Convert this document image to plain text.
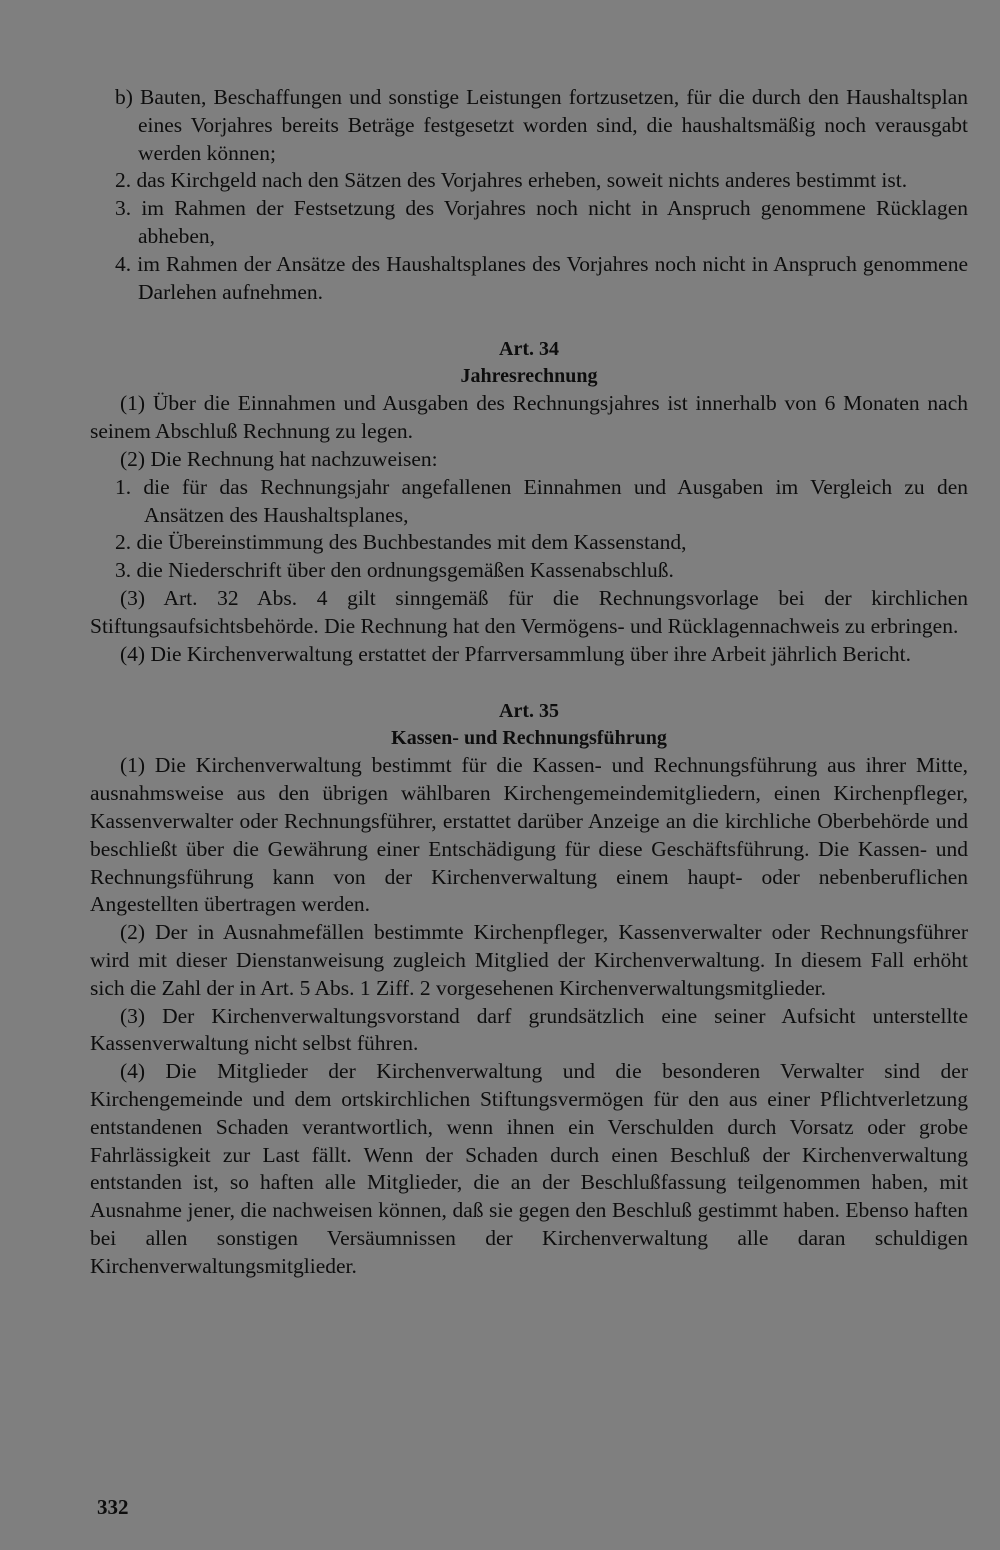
b) Bauten, Beschaffungen und sonstige Leistungen fortzusetzen, für die durch den Haushaltsplan eines Vorjahres bereits Beträge festgesetzt worden sind, die haushaltsmäßig noch verausgabt werden können;

2. das Kirchgeld nach den Sätzen des Vorjahres erheben, soweit nichts anderes bestimmt ist.

3. im Rahmen der Festsetzung des Vorjahres noch nicht in Anspruch genommene Rücklagen abheben,

4. im Rahmen der Ansätze des Haushaltsplanes des Vorjahres noch nicht in Anspruch genommene Darlehen aufnehmen.

Art. 34

Jahresrechnung

(1) Über die Einnahmen und Ausgaben des Rechnungsjahres ist innerhalb von 6 Monaten nach seinem Abschluß Rechnung zu legen.

(2) Die Rechnung hat nachzuweisen:

1. die für das Rechnungsjahr angefallenen Einnahmen und Ausgaben im Vergleich zu den Ansätzen des Haushaltsplanes,

2. die Übereinstimmung des Buchbestandes mit dem Kassenstand,

3. die Niederschrift über den ordnungsgemäßen Kassenabschluß.

(3) Art. 32 Abs. 4 gilt sinngemäß für die Rechnungsvorlage bei der kirchlichen Stiftungsaufsichtsbehörde. Die Rechnung hat den Vermögens- und Rücklagennachweis zu erbringen.

(4) Die Kirchenverwaltung erstattet der Pfarrversammlung über ihre Arbeit jährlich Bericht.

Art. 35

Kassen- und Rechnungsführung

(1) Die Kirchenverwaltung bestimmt für die Kassen- und Rechnungsführung aus ihrer Mitte, ausnahmsweise aus den übrigen wählbaren Kirchengemeindemitgliedern, einen Kirchenpfleger, Kassenverwalter oder Rechnungsführer, erstattet darüber Anzeige an die kirchliche Oberbehörde und beschließt über die Gewährung einer Entschädigung für diese Geschäftsführung. Die Kassen- und Rechnungsführung kann von der Kirchenverwaltung einem haupt- oder nebenberuflichen Angestellten übertragen werden.

(2) Der in Ausnahmefällen bestimmte Kirchenpfleger, Kassenverwalter oder Rechnungsführer wird mit dieser Dienstanweisung zugleich Mitglied der Kirchenverwaltung. In diesem Fall erhöht sich die Zahl der in Art. 5 Abs. 1 Ziff. 2 vorgesehenen Kirchenverwaltungsmitglieder.

(3) Der Kirchenverwaltungsvorstand darf grundsätzlich eine seiner Aufsicht unterstellte Kassenverwaltung nicht selbst führen.

(4) Die Mitglieder der Kirchenverwaltung und die besonderen Verwalter sind der Kirchengemeinde und dem ortskirchlichen Stiftungsvermögen für den aus einer Pflichtverletzung entstandenen Schaden verantwortlich, wenn ihnen ein Verschulden durch Vorsatz oder grobe Fahrlässigkeit zur Last fällt. Wenn der Schaden durch einen Beschluß der Kirchenverwaltung entstanden ist, so haften alle Mitglieder, die an der Beschlußfassung teilgenommen haben, mit Ausnahme jener, die nachweisen können, daß sie gegen den Beschluß gestimmt haben. Ebenso haften bei allen sonstigen Versäumnissen der Kirchenverwaltung alle daran schuldigen Kirchenverwaltungsmitglieder.

332
